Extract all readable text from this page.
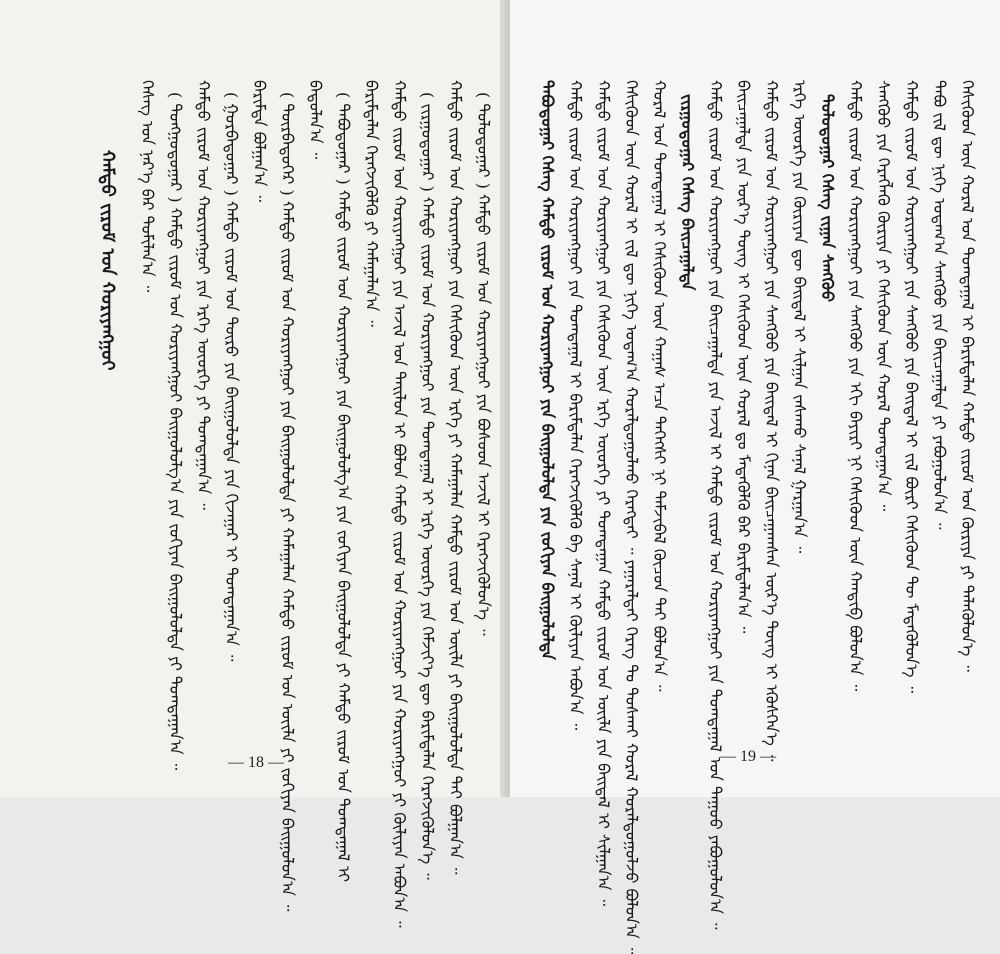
ᠬᠡᠰᠡᠭ ᠤᠨ ᠨᠡᠷ᠎ᠡ ᠪᠡᠷ ᠲᠤᠮᠢᠯᠠᠨ᠎ᠠ ᠃ ( ᠳᠤᠩᠭᠤᠳᠤᠭᠠᠷ ) ᠬᠠᠮᠲᠤ ᠵᠢᠷᠤᠮ ᠤᠨ ᠬᠤᠷᠢᠶᠠᠩᠭᠤᠢ ᠪᠠᠢᠭᠤᠯᠤᠯᠭ᠎ᠠ ᠶᠢᠨ ᠵᠣᠬᠢᠶᠠᠨ ᠪᠠᠢᠭᠤᠯᠤᠯᠲᠠ ᠶᠢ ᠲᠣᠭᠲᠠᠭᠠᠨ᠎ᠠ ᠃ ᠬᠠᠮᠲᠤ ᠵᠢᠷᠤᠮ ᠤᠨ ᠬᠤᠷᠢᠶᠠᠩᠭᠤᠢ ᠶᠢᠨ ᠡᠷᠬᠡ ᠦᠦᠷᠭᠡ ᠶᠢ ᠲᠣᠭᠲᠠᠭᠠᠨ᠎ᠠ ᠃ ( ᠭᠤᠷᠪᠠᠳᠤᠭᠠᠷ ) ᠬᠠᠮᠲᠤ ᠵᠢᠷᠤᠮ ᠤᠨ ᠲᠦᠷᠦ ᠶᠢᠨ ᠪᠠᠢᠭᠤᠯᠤᠯᠲᠠ ᠶᠢᠨ ᠬᠢᠵᠠᠭᠠᠷ ᠢ ᠲᠣᠭᠲᠠᠭᠠᠨ᠎ᠠ ᠃ ᠪᠠᠷᠢᠮᠲᠠ ᠪᠣᠯᠭᠠᠨ᠎ᠠ ᠃ ( ᠳᠥᠷᠪᠡᠳᠦᠭᠡᠷ ) ᠬᠠᠮᠲᠤ ᠵᠢᠷᠤᠮ ᠤᠨ ᠬᠤᠷᠢᠶᠠᠩᠭᠤᠢ ᠶᠢᠨ ᠪᠠᠢᠭᠤᠯᠤᠯᠲᠠ ᠶᠢ ᠬᠠᠮᠠᠭᠠᠯᠠᠨ ᠬᠠᠮᠲᠤ ᠵᠢᠷᠤᠮ ᠤᠨ ᠦᠢᠯᠡ ᠶᠢ ᠵᠣᠬᠢᠶᠠᠨ ᠪᠠᠢᠭᠤᠯᠤᠨ᠎ᠠ ᠃ ᠪᠠᠲᠤᠯᠠᠨ᠎ᠠ ᠃ ( ᠲᠠᠪᠤᠳᠤᠭᠠᠷ ) ᠬᠠᠮᠲᠤ ᠵᠢᠷᠤᠮ ᠤᠨ ᠬᠤᠷᠢᠶᠠᠩᠭᠤᠢ ᠶᠢᠨ ᠪᠠᠢᠭᠤᠯᠤᠯᠭ᠎ᠠ ᠶᠢᠨ ᠵᠣᠬᠢᠶᠠᠨ ᠪᠠᠢᠭᠤᠯᠤᠯᠲᠠ ᠶᠢ ᠬᠠᠮᠲᠤ ᠵᠢᠷᠤᠮ ᠤᠨ ᠲᠣᠭᠲᠠᠭᠠᠯ ᠢ ᠪᠠᠷᠢᠮᠲᠠᠯᠠᠨ ᠬᠡᠷᠡᠭᠵᠢᠭᠦᠯᠬᠦ ᠶᠢ ᠬᠠᠮᠠᠭᠠᠯᠠᠨ᠎ᠠ ᠃ ᠬᠠᠮᠲᠤ ᠵᠢᠷᠤᠮ ᠤᠨ ᠬᠤᠷᠢᠶᠠᠩᠭᠤᠢ ᠶᠢᠨ ᠠᠵᠢᠯ ᠤᠨ ᠲᠠᠢᠯᠤᠨ ᠢ ᠪᠤᠯᠤᠨ ᠬᠠᠮᠲᠤ ᠵᠢᠷᠤᠮ ᠤᠨ ᠬᠤᠷᠢᠶᠠᠩᠭᠤᠢ ᠶᠢᠨ ᠬᠣᠷᠢᠶᠠᠩᠭᠤᠢ ᠶᠢ ᠬᠦᠯᠢᠶᠡᠨ ᠠᠪᠤᠨ᠎ᠠ ᠃ ( ᠵᠢᠷᠭᠤᠳᠤᠭᠠᠷ ) ᠬᠠᠮᠲᠤ ᠵᠢᠷᠤᠮ ᠤᠨ ᠬᠤᠷᠢᠶᠠᠩᠭᠤᠢ ᠶᠢᠨ ᠲᠣᠭᠲᠠᠭᠠᠯ ᠢ ᠡᠷᠬᠡ ᠦᠦᠷᠭᠡ ᠶᠢᠨ ᠬᠡᠮᠵᠢᠶ᠎ᠡ ᠳᠦ ᠪᠠᠷᠢᠮᠲᠠᠯᠠᠨ ᠬᠡᠷᠡᠭᠵᠢᠭᠦᠯᠦᠨ᠎ᠡ ᠃ ᠬᠠᠮᠲᠤ ᠵᠢᠷᠤᠮ ᠤᠨ ᠬᠤᠷᠢᠶᠠᠩᠭᠤᠢ ᠶᠢᠨ ᠭᠡᠰᠢᠭᠦᠳ ᠦᠨ ᠡᠷᠬᠡ ᠶᠢ ᠬᠠᠮᠠᠭᠠᠯᠠᠨ ᠬᠠᠮᠲᠤ ᠵᠢᠷᠤᠮ ᠤᠨ ᠦᠢᠯᠡ ᠶᠢ ᠪᠠᠢᠭᠤᠯᠤᠯᠲᠠ ᠲᠠᠢ ᠪᠤᠯᠭᠠᠨ᠎ᠠ ᠃ ( ᠳᠣᠯᠣᠳᠤᠭᠠᠷ ) ᠬᠠᠮᠲᠤ ᠵᠢᠷᠤᠮ ᠤᠨ ᠬᠤᠷᠢᠶᠠᠩᠭᠤᠢ ᠶᠢᠨ ᠪᠤᠰᠤᠳ ᠠᠵᠢᠯ ᠢ ᠬᠡᠷᠡᠭᠵᠢᠭᠦᠯᠦᠨ᠎ᠡ ᠃
ᠬᠠᠮᠲᠤ ᠵᠢᠷᠤᠮ ᠤᠨ ᠬᠤᠷᠢᠶᠠᠩᠭᠤᠢ
— 18 —
ᠲᠠᠪᠤᠳᠤᠭᠠᠷ ᠬᠡᠰᠡᠭ ᠬᠠᠮᠲᠤ ᠵᠢᠷᠤᠮ ᠤᠨ ᠬᠤᠷᠢᠶᠠᠩᠭᠤᠢ ᠶᠢᠨ ᠪᠠᠢᠭᠤᠯᠤᠯᠲᠠ ᠶᠢᠨ ᠵᠣᠬᠢᠶᠠᠨ ᠪᠠᠢᠭᠤᠯᠤᠯᠲᠠ ᠬᠠᠮᠲᠤ ᠵᠢᠷᠤᠮ ᠤᠨ ᠬᠤᠷᠢᠶᠠᠩᠭᠤᠢ ᠶᠢᠨ ᠲᠣᠭᠲᠠᠭᠠᠯ ᠢ ᠪᠠᠷᠢᠮᠲᠠᠯᠠᠨ ᠬᠡᠷᠡᠭᠵᠢᠭᠦᠯᠬᠦ ᠪᠠ ᠰᠠᠨᠠᠯ ᠢ ᠬᠦᠯᠢᠶᠡᠨ ᠠᠪᠤᠨ᠎ᠠ ᠃ ᠬᠠᠮᠲᠤ ᠵᠢᠷᠤᠮ ᠤᠨ ᠬᠤᠷᠢᠶᠠᠩᠭᠤᠢ ᠶᠢᠨ ᠭᠡᠰᠢᠭᠦᠳ ᠦᠨ ᠡᠷᠬᠡ ᠦᠦᠷᠭᠡ ᠶᠢ ᠲᠣᠭᠲᠠᠭᠠᠨ ᠬᠠᠮᠲᠤ ᠵᠢᠷᠤᠮ ᠤᠨ ᠦᠢᠯᠡ ᠶᠢᠨ ᠪᠠᠢᠳᠠᠯ ᠢ ᠰᠢᠯᠭᠠᠨ᠎ᠠ ᠃ ᠭᠡᠰᠢᠭᠦᠳ ᠦᠨ ᠬᠤᠷᠠᠯ ᠢ ᠵᠢᠯ ᠳᠦ ᠨᠢᠭᠡ ᠤᠳᠠᠭ᠎ᠠ ᠬᠤᠷᠠᠯᠳᠤᠭᠤᠯᠬᠤ ᠬᠡᠷᠡᠭᠲᠡᠢ ᠃ ᠶᠠᠭᠠᠷᠠᠯᠲᠠᠢ ᠬᠡᠷᠡᠭ ᠲᠤ ᠲᠤᠰᠬᠠᠢ ᠬᠤᠷᠠᠯ ᠬᠤᠷᠠᠯᠳᠤᠭᠤᠯᠵᠤ ᠪᠣᠯᠤᠨ᠎ᠠ ᠃ ᠬᠤᠷᠠᠯ ᠤᠨ ᠲᠣᠭᠲᠠᠭᠠᠯ ᠢ ᠭᠡᠰᠢᠭᠦᠳ ᠦᠨ ᠬᠠᠭᠠᠰ ᠠᠴᠠ ᠳᠡᠭᠡᠭᠰᠢ ᠨᠢ ᠳᠡᠮᠵᠢᠪᠡᠯ ᠬᠦᠴᠦᠨ ᠲᠡᠢ ᠪᠣᠯᠤᠨ᠎ᠠ ᠃ ᠵᠢᠷᠭᠤᠳᠤᠭᠠᠷ ᠬᠡᠰᠡᠭ ᠪᠠᠢᠴᠠᠭᠠᠯᠲᠠ ᠬᠠᠮᠲᠤ ᠵᠢᠷᠤᠮ ᠤᠨ ᠬᠤᠷᠢᠶᠠᠩᠭᠤᠢ ᠶᠢᠨ ᠪᠠᠢᠴᠠᠭᠠᠯᠲᠠ ᠶᠢᠨ ᠠᠵᠢᠯ ᠢ ᠬᠠᠮᠲᠤ ᠵᠢᠷᠤᠮ ᠤᠨ ᠬᠤᠷᠢᠶᠠᠩᠭᠤᠢ ᠶᠢᠨ ᠲᠣᠭᠲᠠᠭᠠᠯ ᠤᠨ ᠳᠠᠭᠤᠤ ᠶᠠᠪᠤᠭᠤᠯᠤᠨ᠎ᠠ ᠃ ᠪᠠᠢᠴᠠᠭᠠᠯᠲᠠ ᠶᠢᠨ ᠦᠷ᠎ᠡ ᠳᠦᠩ ᠢ ᠭᠡᠰᠢᠭᠦᠳ ᠦᠨ ᠬᠤᠷᠠᠯ ᠳᠤ ᠮᠡᠳᠡᠭᠦᠯᠬᠦ ᠪᠡᠷ ᠪᠠᠷᠢᠮᠲᠠᠯᠠᠨ᠎ᠠ ᠃ ᠬᠠᠮᠲᠤ ᠵᠢᠷᠤᠮ ᠤᠨ ᠬᠤᠷᠢᠶᠠᠩᠭᠤᠢ ᠶᠢᠨ ᠰᠠᠩᠬᠦᠦ ᠶᠢᠨ ᠪᠠᠢᠳᠠᠯ ᠢ ᠬᠢᠨᠠᠨ ᠪᠠᠢᠴᠠᠭᠠᠭᠰᠠᠨ ᠦᠷ᠎ᠡ ᠳᠦᠩ ᠢ ᠡᠭᠦᠰᠭᠡᠨ᠎ᠡ ᠃ ᠡᠷᠬᠡ ᠦᠦᠷᠭᠡ ᠶᠢᠨ ᠬᠦᠷᠢᠶᠡᠨ ᠳᠦ ᠪᠠᠢᠳᠠᠯ ᠢ ᠰᠢᠯᠭᠠᠨ ᠵᠠᠰᠠᠬᠤ ᠰᠠᠨᠠᠯ ᠭᠠᠷᠭᠠᠨ᠎ᠠ ᠃ ᠳᠣᠯᠣᠳᠤᠭᠠᠷ ᠬᠡᠰᠡᠭ ᠵᠢᠭᠠᠨ ᠰᠠᠩᠬᠦᠦ ᠬᠠᠮᠲᠤ ᠵᠢᠷᠤᠮ ᠤᠨ ᠬᠤᠷᠢᠶᠠᠩᠭᠤᠢ ᠶᠢᠨ ᠰᠠᠩᠬᠦᠦ ᠶᠢᠨ ᠡᠬᠢ ᠪᠠᠶᠢᠷᠢ ᠨᠢ ᠭᠡᠰᠢᠭᠦᠳ ᠦᠨ ᠬᠠᠨᠳᠢᠪ ᠪᠣᠯᠤᠨ᠎ᠠ ᠃ ᠰᠠᠩᠬᠦᠦ ᠶᠢᠨ ᠬᠡᠷᠡᠭᠯᠡᠬᠦ ᠬᠦᠷᠢᠶᠡ ᠶᠢ ᠭᠡᠰᠢᠭᠦᠳ ᠦᠨ ᠬᠤᠷᠠᠯ ᠲᠣᠭᠲᠠᠭᠠᠨ᠎ᠠ ᠃ ᠬᠠᠮᠲᠤ ᠵᠢᠷᠤᠮ ᠤᠨ ᠬᠤᠷᠢᠶᠠᠩᠭᠤᠢ ᠶᠢᠨ ᠰᠠᠩᠬᠦᠦ ᠶᠢᠨ ᠪᠠᠢᠳᠠᠯ ᠢ ᠵᠢᠯ ᠪᠦᠷᠢ ᠭᠡᠰᠢᠭᠦᠳ ᠲᠦ ᠮᠡᠳᠡᠭᠦᠯᠦᠨ᠎ᠡ ᠃ ᠲᠠᠪᠤ ᠵᠢᠯ ᠳᠦ ᠨᠢᠭᠡ ᠤᠳᠠᠭ᠎ᠠ ᠰᠠᠩᠬᠦᠦ ᠶᠢᠨ ᠪᠠᠢᠴᠠᠭᠠᠯᠲᠠ ᠶᠢ ᠶᠠᠪᠤᠭᠤᠯᠤᠨ᠎ᠠ ᠃ ᠭᠡᠰᠢᠭᠦᠳ ᠦᠨ ᠬᠤᠷᠠᠯ ᠤᠨ ᠲᠣᠭᠲᠠᠭᠠᠯ ᠢ ᠪᠠᠷᠢᠮᠲᠠᠯᠠᠨ ᠬᠠᠮᠲᠤ ᠵᠢᠷᠤᠮ ᠤᠨ ᠬᠦᠷᠢᠶᠡ ᠶᠢ ᠲᠡᠯᠡᠭᠦᠯᠦᠨ᠎ᠡ ᠃
— 19 —
